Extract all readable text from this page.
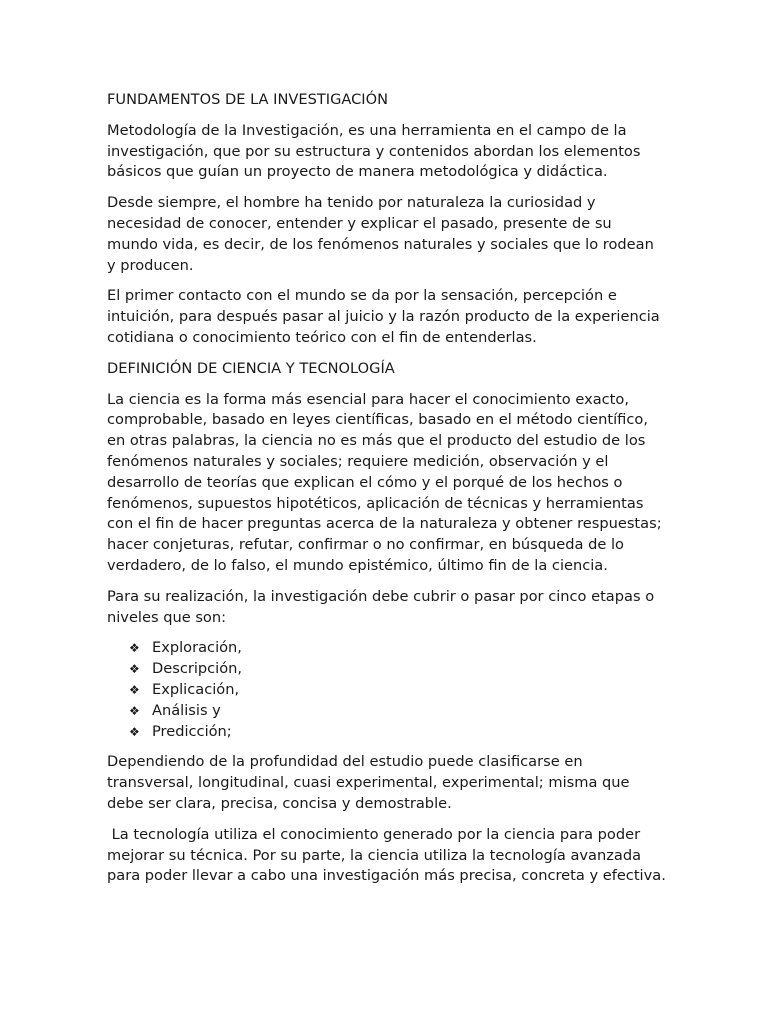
FUNDAMENTOS DE LA INVESTIGACIÓN

Metodología de la Investigación, es una herramienta en el campo de la investigación, que por su estructura y contenidos abordan los elementos básicos que guían un proyecto de manera metodológica y didáctica.

Desde siempre, el hombre ha tenido por naturaleza la curiosidad y necesidad de conocer, entender y explicar el pasado, presente de su mundo vida, es decir, de los fenómenos naturales y sociales que lo rodean y producen.

El primer contacto con el mundo se da por la sensación, percepción e intuición, para después pasar al juicio y la razón producto de la experiencia cotidiana o conocimiento teórico con el fin de entenderlas.

DEFINICIÓN DE CIENCIA Y TECNOLOGÍA

La ciencia es la forma más esencial para hacer el conocimiento exacto, comprobable, basado en leyes científicas, basado en el método científico, en otras palabras, la ciencia no es más que el producto del estudio de los fenómenos naturales y sociales; requiere medición, observación y el desarrollo de teorías que explican el cómo y el porqué de los hechos o fenómenos, supuestos hipotéticos, aplicación de técnicas y herramientas con el fin de hacer preguntas acerca de la naturaleza y obtener respuestas; hacer conjeturas, refutar, confirmar o no confirmar, en búsqueda de lo verdadero, de lo falso, el mundo epistémico, último fin de la ciencia.

Para su realización, la investigación debe cubrir o pasar por cinco etapas o niveles que son:

❖ Exploración,
❖ Descripción,
❖ Explicación,
❖ Análisis y
❖ Predicción;

Dependiendo de la profundidad del estudio puede clasificarse en transversal, longitudinal, cuasi experimental, experimental; misma que debe ser clara, precisa, concisa y demostrable.

La tecnología utiliza el conocimiento generado por la ciencia para poder mejorar su técnica. Por su parte, la ciencia utiliza la tecnología avanzada para poder llevar a cabo una investigación más precisa, concreta y efectiva.
